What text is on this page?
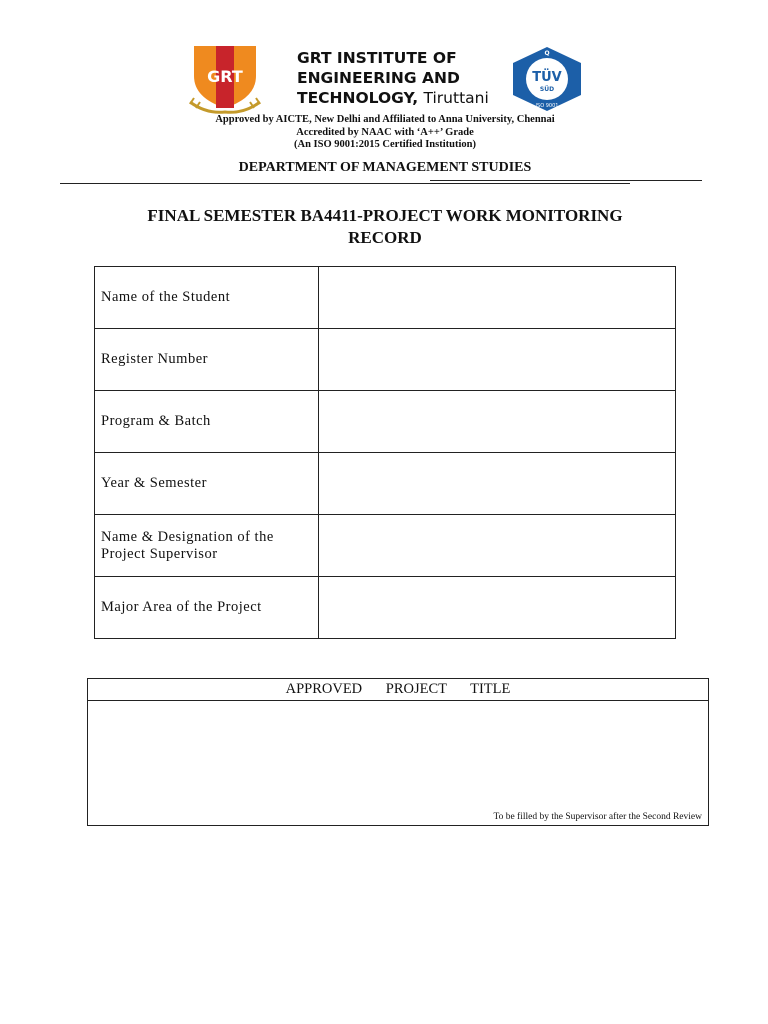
GRT
GRT INSTITUTE OF
ENGINEERING AND
TECHNOLOGY, Tiruttani
Q
TÜV
SÜD
ISO 9001
Approved by AICTE, New Delhi and Affiliated to Anna University, Chennai
Accredited by NAAC with ‘A++’ Grade
(An ISO 9001:2015 Certified Institution)
DEPARTMENT OF MANAGEMENT STUDIES
FINAL SEMESTER BA4411-PROJECT WORK MONITORING
RECORD
Name of the Student	
Register Number	
Program & Batch	
Year & Semester	
Name & Designation of the Project Supervisor	
Major Area of the Project	
APPROVED PROJECT TITLE
To be filled by the Supervisor after the Second Review
